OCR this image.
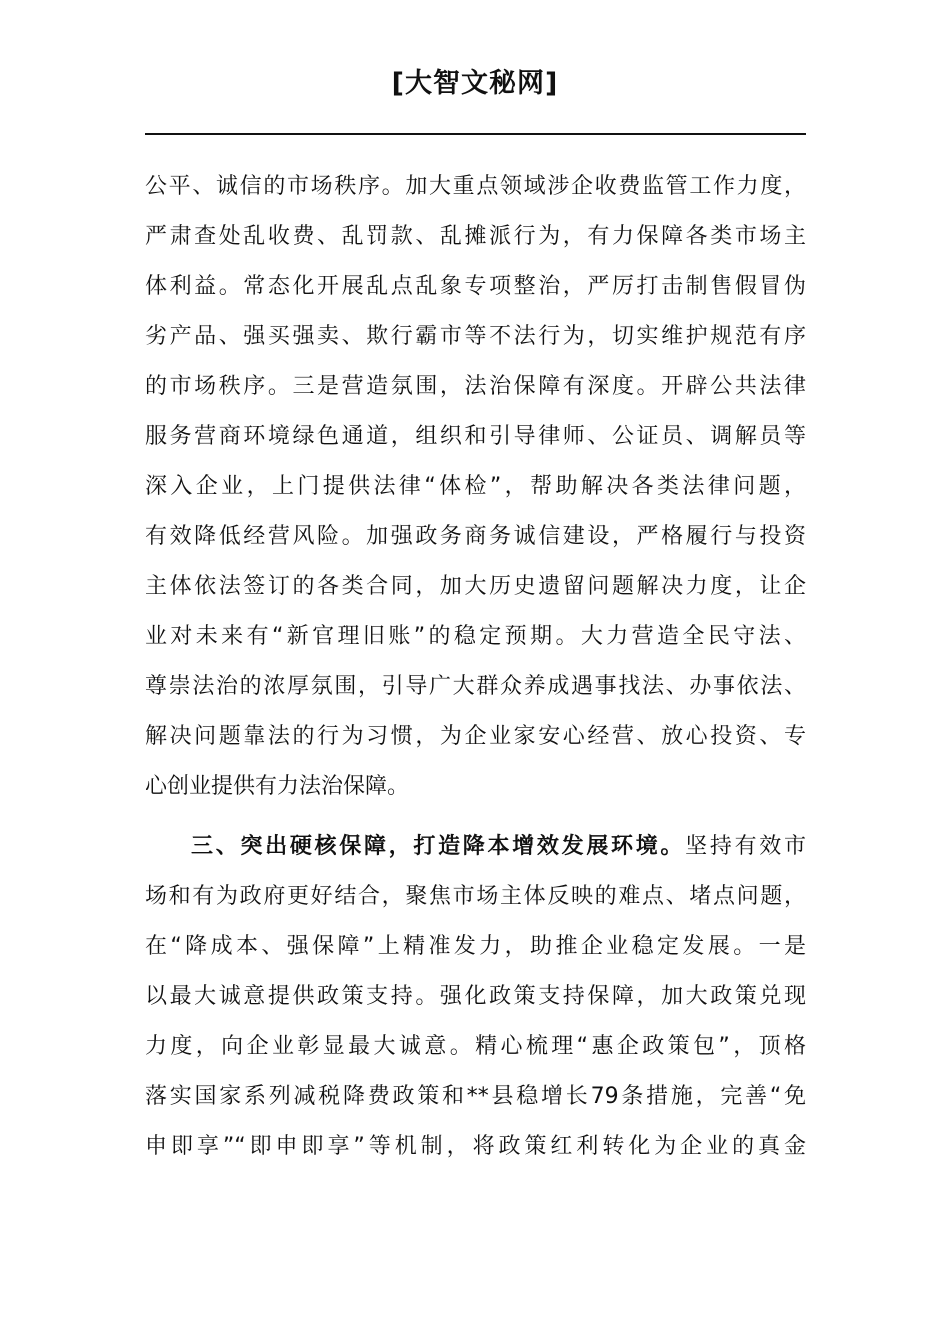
[大智文秘网]
公平、诚信的市场秩序。加大重点领域涉企收费监管工作力度，
严肃查处乱收费、乱罚款、乱摊派行为，有力保障各类市场主
体利益。常态化开展乱点乱象专项整治，严厉打击制售假冒伪
劣产品、强买强卖、欺行霸市等不法行为，切实维护规范有序
的市场秩序。三是营造氛围，法治保障有深度。开辟公共法律
服务营商环境绿色通道，组织和引导律师、公证员、调解员等
深入企业，上门提供法律“体检”，帮助解决各类法律问题，
有效降低经营风险。加强政务商务诚信建设，严格履行与投资
主体依法签订的各类合同，加大历史遗留问题解决力度，让企
业对未来有“新官理旧账”的稳定预期。大力营造全民守法、
尊崇法治的浓厚氛围，引导广大群众养成遇事找法、办事依法、
解决问题靠法的行为习惯，为企业家安心经营、放心投资、专
心创业提供有力法治保障。
三、突出硬核保障，打造降本增效发展环境。坚持有效市
场和有为政府更好结合，聚焦市场主体反映的难点、堵点问题，
在“降成本、强保障”上精准发力，助推企业稳定发展。一是
以最大诚意提供政策支持。强化政策支持保障，加大政策兑现
力度，向企业彰显最大诚意。精心梳理“惠企政策包”，顶格
落实国家系列减税降费政策和**县稳增长79条措施，完善“免
申即享”“即申即享”等机制，将政策红利转化为企业的真金
